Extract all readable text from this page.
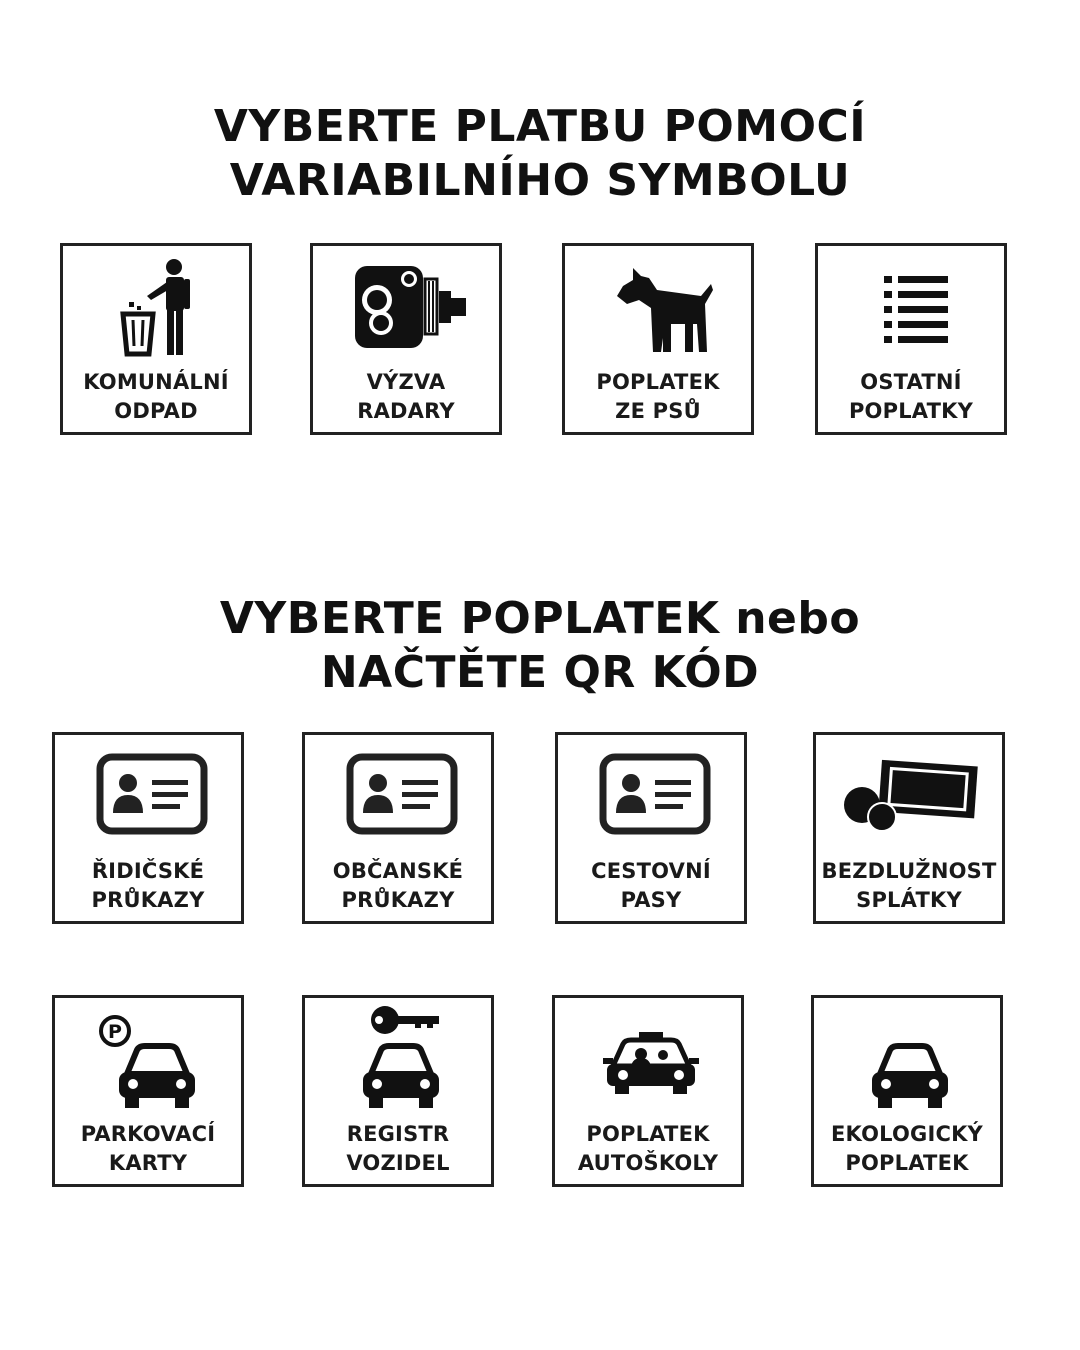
VYBERTE PLATBU POMOCÍ
VARIABILNÍHO SYMBOLU
KOMUNÁLNÍ
ODPAD
VÝZVA
RADARY
POPLATEK
ZE PSŮ
OSTATNÍ
POPLATKY
VYBERTE POPLATEK nebo
NAČTĚTE QR KÓD
ŘIDIČSKÉ
PRŮKAZY
OBČANSKÉ
PRŮKAZY
CESTOVNÍ
PASY
BEZDLUŽNOST
SPLÁTKY
P
PARKOVACÍ
KARTY
REGISTR
VOZIDEL
POPLATEK
AUTOŠKOLY
EKOLOGICKÝ
POPLATEK
